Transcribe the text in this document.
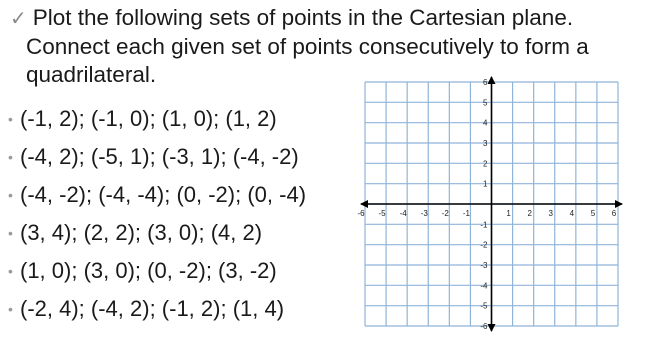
✓ Plot the following sets of points in the Cartesian plane.
Connect each given set of points consecutively to form a
quadrilateral.
• (-1, 2); (-1, 0); (1, 0); (1, 2)
• (-4, 2); (-5, 1); (-3, 1); (-4, -2)
• (-4, -2); (-4, -4); (0, -2); (0, -4)
• (3, 4); (2, 2); (3, 0); (4, 2)
• (1, 0); (3, 0); (0, -2); (3, -2)
• (-2, 4); (-4, 2); (-1, 2); (1, 4)
-6 -5 -4 -3 -2 -1	1 2 3 4 5 6
6
5
4
3
2
1
-1
-2
-3
-4
-5
-6
